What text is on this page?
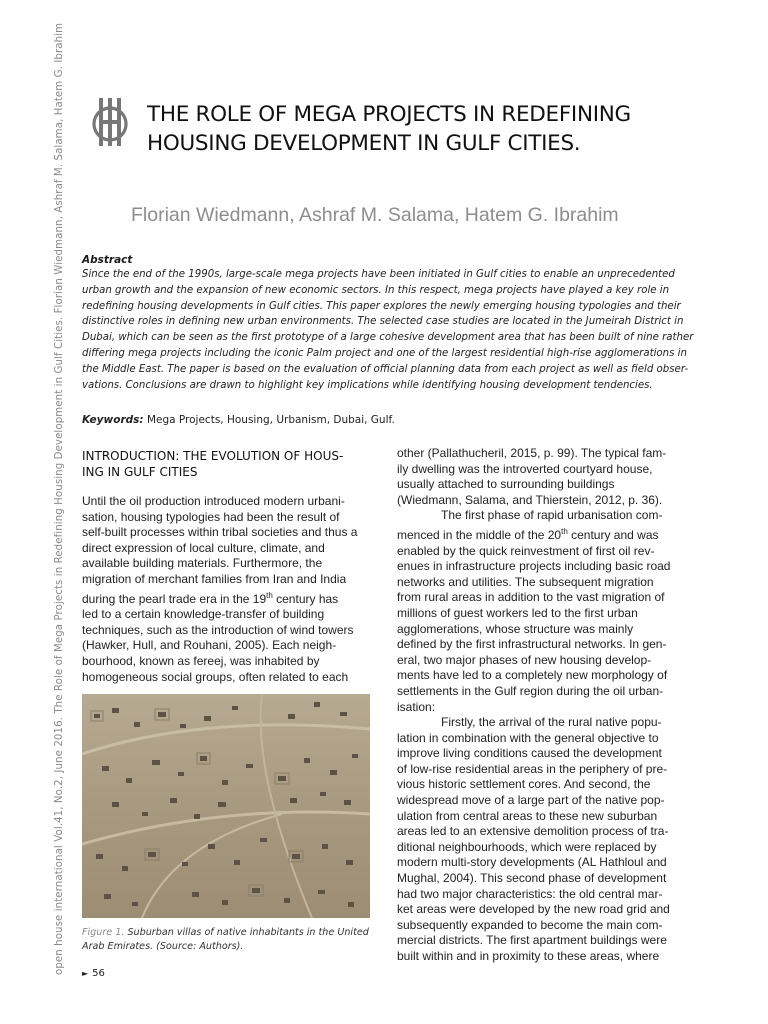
open house international Vol.41, No.2, June 2016. The Role of Mega Projects in Redefining Housing Development in Gulf Cities. Florian Wiedmann, Ashraf M. Salama, Hatem G. Ibrahim	THE ROLE OF MEGA PROJECTS IN REDEFINING
HOUSING DEVELOPMENT IN GULF CITIES.
Florian Wiedmann, Ashraf M. Salama, Hatem G. Ibrahim
Abstract
Since the end of the 1990s, large-scale mega projects have been initiated in Gulf cities to enable an unprecedented
urban growth and the expansion of new economic sectors. In this respect, mega projects have played a key role in
redefining housing developments in Gulf cities. This paper explores the newly emerging housing typologies and their
distinctive roles in defining new urban environments. The selected case studies are located in the Jumeirah District in
Dubai, which can be seen as the first prototype of a large cohesive development area that has been built of nine rather
differing mega projects including the iconic Palm project and one of the largest residential high-rise agglomerations in
the Middle East. The paper is based on the evaluation of official planning data from each project as well as field obser-
vations. Conclusions are drawn to highlight key implications while identifying housing development tendencies.
Keywords: Mega Projects, Housing, Urbanism, Dubai, Gulf.
INTRODUCTION: THE EVOLUTION OF HOUS-
ING IN GULF CITIES
Until the oil production introduced modern urbani-
sation, housing typologies had been the result of
self-built processes within tribal societies and thus a
direct expression of local culture, climate, and
available building materials. Furthermore, the
migration of merchant families from Iran and India
during the pearl trade era in the 19th century has
led to a certain knowledge-transfer of building
techniques, such as the introduction of wind towers
(Hawker, Hull, and Rouhani, 2005). Each neigh-
bourhood, known as fereej, was inhabited by
homogeneous social groups, often related to each
Figure 1. Suburban villas of native inhabitants in the United
Arab Emirates. (Source: Authors).
► 56
other (Pallathucheril, 2015, p. 99). The typical fam-
ily dwelling was the introverted courtyard house,
usually attached to surrounding buildings
(Wiedmann, Salama, and Thierstein, 2012, p. 36).
The first phase of rapid urbanisation com-
menced in the middle of the 20th century and was
enabled by the quick reinvestment of first oil rev-
enues in infrastructure projects including basic road
networks and utilities. The subsequent migration
from rural areas in addition to the vast migration of
millions of guest workers led to the first urban
agglomerations, whose structure was mainly
defined by the first infrastructural networks. In gen-
eral, two major phases of new housing develop-
ments have led to a completely new morphology of
settlements in the Gulf region during the oil urban-
isation:
Firstly, the arrival of the rural native popu-
lation in combination with the general objective to
improve living conditions caused the development
of low-rise residential areas in the periphery of pre-
vious historic settlement cores. And second, the
widespread move of a large part of the native pop-
ulation from central areas to these new suburban
areas led to an extensive demolition process of tra-
ditional neighbourhoods, which were replaced by
modern multi-story developments (AL Hathloul and
Mughal, 2004). This second phase of development
had two major characteristics: the old central mar-
ket areas were developed by the new road grid and
subsequently expanded to become the main com-
mercial districts. The first apartment buildings were
built within and in proximity to these areas, where
